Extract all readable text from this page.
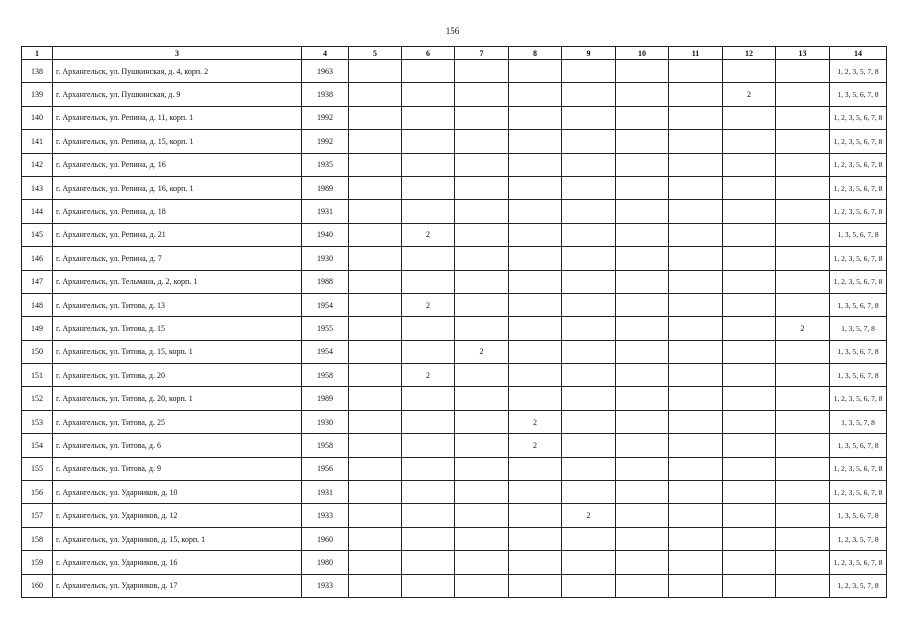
156
1	3	4	5	6	7	8	9	10	11	12	13	14
138	г. Архангельск, ул. Пушкинская, д. 4, корп. 2	1963										1, 2, 3, 5, 7, 8
139	г. Архангельск, ул. Пушкинская, д. 9	1938								2		1, 3, 5, 6, 7, 8
140	г. Архангельск, ул. Репина, д. 11, корп. 1	1992										1, 2, 3, 5, 6, 7, 8
141	г. Архангельск, ул. Репина, д. 15, корп. 1	1992										1, 2, 3, 5, 6, 7, 8
142	г. Архангельск, ул. Репина, д. 16	1935										1, 2, 3, 5, 6, 7, 8
143	г. Архангельск, ул. Репина, д. 16, корп. 1	1989										1, 2, 3, 5, 6, 7, 8
144	г. Архангельск, ул. Репина, д. 18	1931										1, 2, 3, 5, 6, 7, 8
145	г. Архангельск, ул. Репина, д. 21	1940		2								1, 3, 5, 6, 7, 8
146	г. Архангельск, ул. Репина, д. 7	1930										1, 2, 3, 5, 6, 7, 8
147	г. Архангельск, ул. Тельмана, д. 2, корп. 1	1988										1, 2, 3, 5, 6, 7, 8
148	г. Архангельск, ул. Титова, д. 13	1954		2								1, 3, 5, 6, 7, 8
149	г. Архангельск, ул. Титова, д. 15	1955									2	1, 3, 5, 7, 8
150	г. Архангельск, ул. Титова, д. 15, корп. 1	1954			2							1, 3, 5, 6, 7, 8
151	г. Архангельск, ул. Титова, д. 20	1958		2								1, 3, 5, 6, 7, 8
152	г. Архангельск, ул. Титова, д. 20, корп. 1	1989										1, 2, 3, 5, 6, 7, 8
153	г. Архангельск, ул. Титова, д. 25	1930				2						1, 3, 5, 7, 8
154	г. Архангельск, ул. Титова, д. 6	1958				2						1, 3, 5, 6, 7, 8
155	г. Архангельск, ул. Титова, д. 9	1956										1, 2, 3, 5, 6, 7, 8
156	г. Архангельск, ул. Ударников, д. 10	1931										1, 2, 3, 5, 6, 7, 8
157	г. Архангельск, ул. Ударников, д. 12	1933					2					1, 3, 5, 6, 7, 8
158	г. Архангельск, ул. Ударников, д. 15, корп. 1	1960										1, 2, 3, 5, 7, 8
159	г. Архангельск, ул. Ударников, д. 16	1980										1, 2, 3, 5, 6, 7, 8
160	г. Архангельск, ул. Ударников, д. 17	1933										1, 2, 3, 5, 7, 8
